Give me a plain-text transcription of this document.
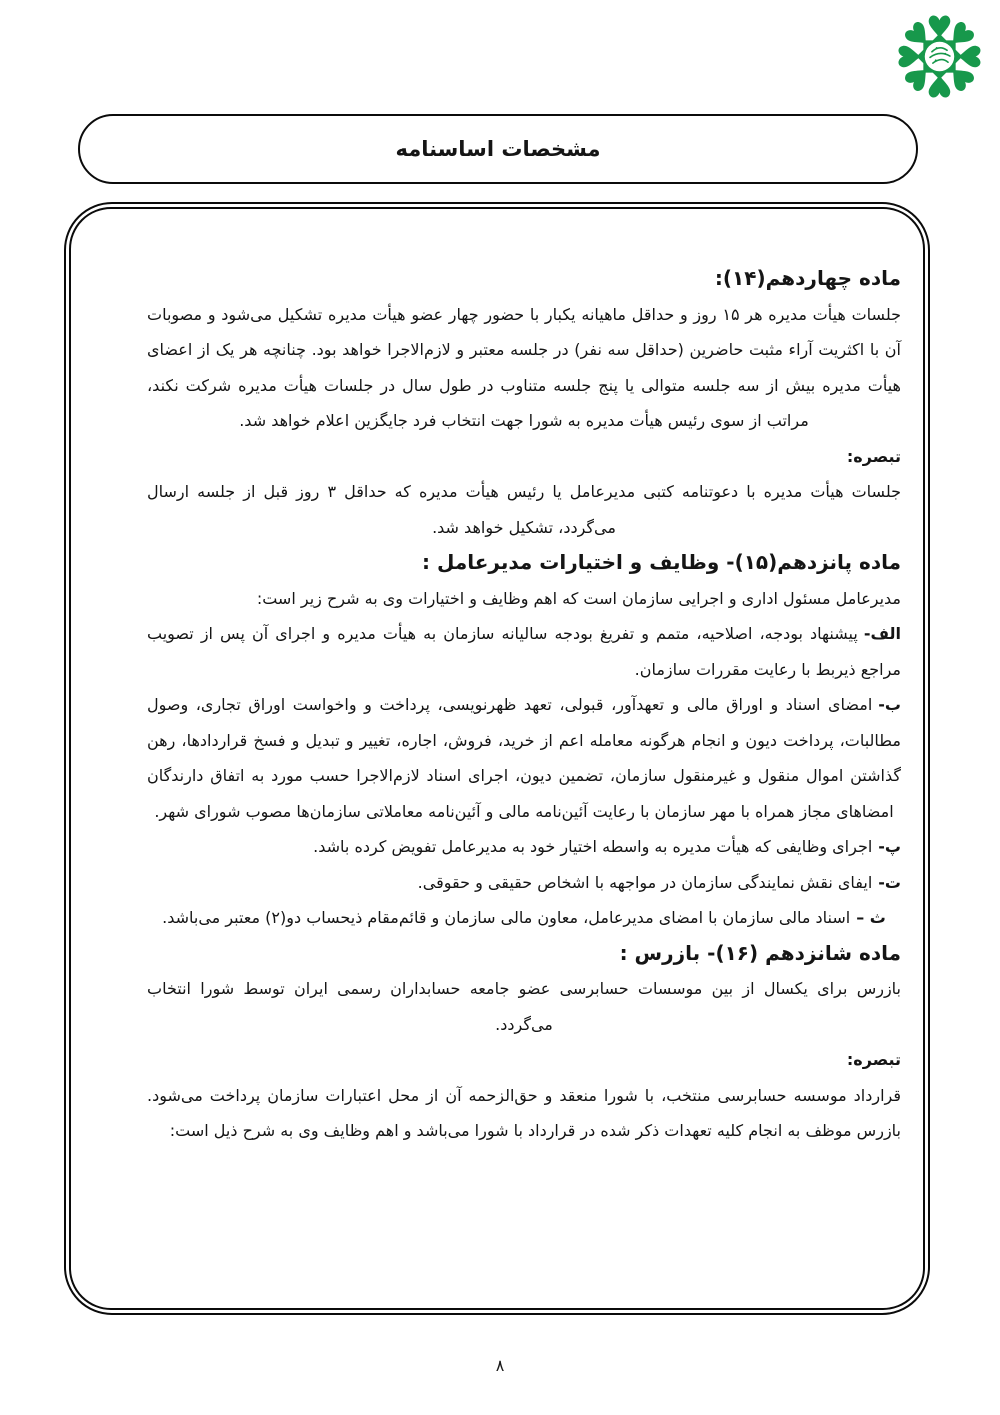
مشخصات اساسنامه
ماده چهاردهم(۱۴):

جلسات هیأت مدیره هر ۱۵ روز و حداقل ماهیانه یکبار با حضور چهار عضو هیأت مدیره تشکیل می‌شود و مصوبات آن با اکثریت آراء مثبت حاضرین (حداقل سه نفر) در جلسه معتبر و لازم‌الاجرا خواهد بود. چنانچه هر یک از اعضای هیأت مدیره بیش از سه جلسه متوالی یا پنج جلسه متناوب در طول سال در جلسات هیأت مدیره شرکت نکند، مراتب از سوی رئیس هیأت مدیره به شورا جهت انتخاب فرد جایگزین اعلام خواهد شد.

تبصره:

جلسات هیأت مدیره با دعوتنامه کتبی مدیرعامل یا رئیس هیأت مدیره که حداقل ۳ روز قبل از جلسه ارسال می‌گردد، تشکیل خواهد شد.

ماده پانزدهم(۱۵)- وظایف و اختیارات مدیرعامل :

مدیرعامل مسئول اداری و اجرایی سازمان است که اهم وظایف و اختیارات وی به شرح زیر است:

الف-پیشنهاد بودجه، اصلاحیه، متمم و تفریغ بودجه سالیانه سازمان به هیأت مدیره و اجرای آن پس از تصویب مراجع ذیربط با رعایت مقررات سازمان.

ب-امضای اسناد و اوراق مالی و تعهدآور، قبولی، تعهد ظهرنویسی، پرداخت و واخواست اوراق تجاری، وصول مطالبات، پرداخت دیون و انجام هرگونه معامله اعم از خرید، فروش، اجاره، تغییر و تبدیل و فسخ قراردادها، رهن گذاشتن اموال منقول و غیرمنقول سازمان، تضمین دیون، اجرای اسناد لازم‌الاجرا حسب مورد به اتفاق دارندگان امضاهای مجاز همراه با مهر سازمان با رعایت آئین‌نامه مالی و آئین‌نامه معاملاتی سازمان‌ها مصوب شورای شهر.

پ-اجرای وظایفی که هیأت مدیره به واسطه اختیار خود به مدیرعامل تفویض کرده باشد.

ت-ایفای نقش نمایندگی سازمان در مواجهه با اشخاص حقیقی و حقوقی.

ث –اسناد مالی سازمان با امضای مدیرعامل، معاون مالی سازمان و قائم‌مقام ذیحساب دو(۲) معتبر می‌باشد.

ماده شانزدهم (۱۶)- بازرس :

بازرس برای یکسال از بین موسسات حسابرسی عضو جامعه حسابداران رسمی ایران توسط شورا انتخاب می‌گردد.

تبصره:

قرارداد موسسه حسابرسی منتخب، با شورا منعقد و حق‌الزحمه آن از محل اعتبارات سازمان پرداخت می‌شود. بازرس موظف به انجام کلیه تعهدات ذکر شده در قرارداد با شورا می‌باشد و اهم وظایف وی به شرح ذیل است:

۸
